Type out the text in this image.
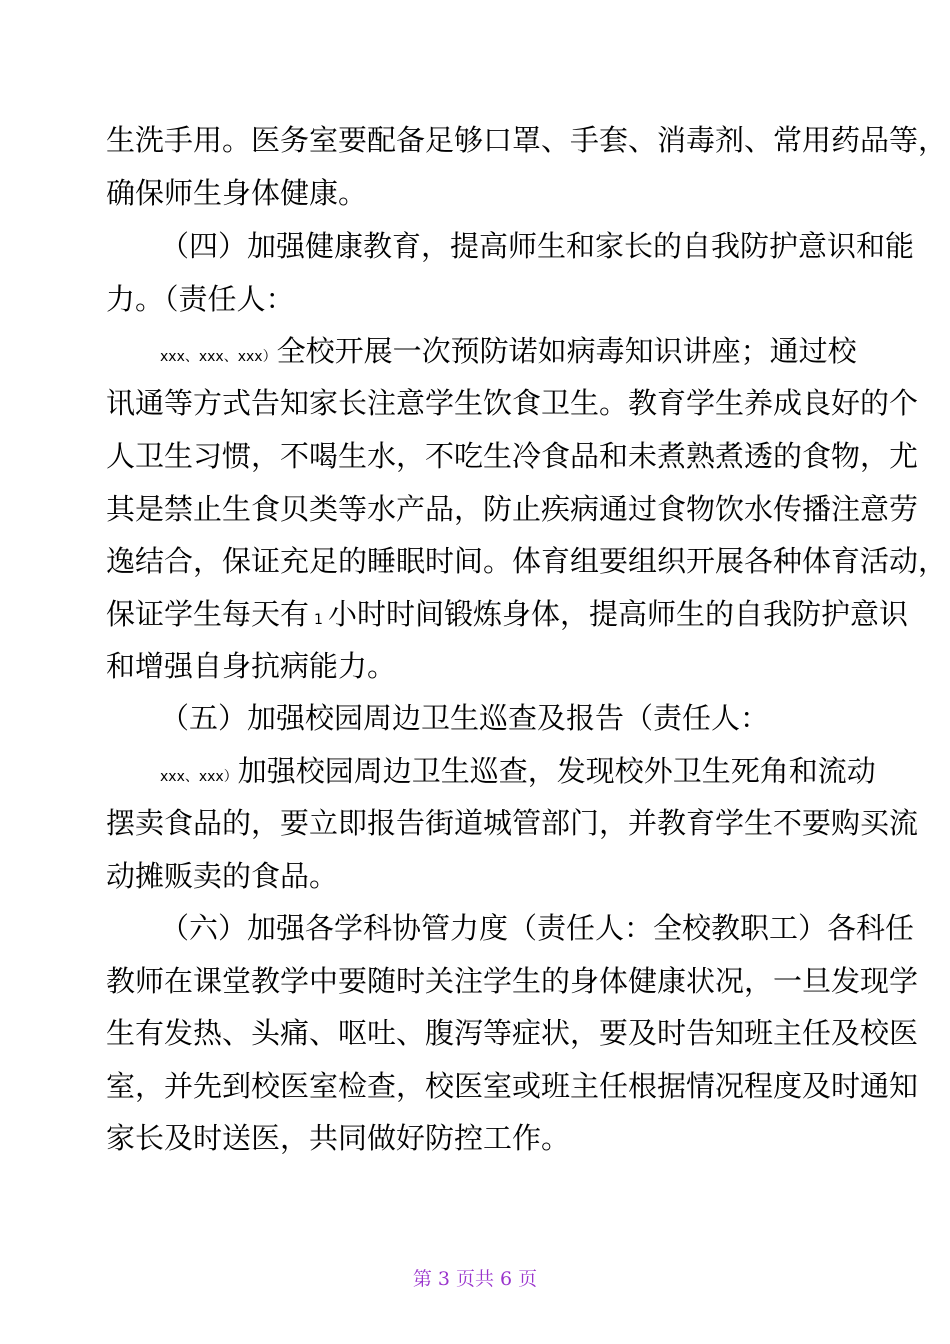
生洗手用。医务室要配备足够口罩、手套、消毒剂、常用药品等，
确保师生身体健康。
（四）加强健康教育，提高师生和家长的自我防护意识和能
力。（责任人：
xxx、xxx、xxx）全校开展一次预防诺如病毒知识讲座；通过校
讯通等方式告知家长注意学生饮食卫生。教育学生养成良好的个
人卫生习惯，不喝生水，不吃生冷食品和未煮熟煮透的食物，尤
其是禁止生食贝类等水产品，防止疾病通过食物饮水传播注意劳
逸结合，保证充足的睡眠时间。体育组要组织开展各种体育活动，
保证学生每天有 1 小时时间锻炼身体，提高师生的自我防护意识
和增强自身抗病能力。
（五）加强校园周边卫生巡查及报告（责任人：
xxx、xxx）加强校园周边卫生巡查，发现校外卫生死角和流动
摆卖食品的，要立即报告街道城管部门，并教育学生不要购买流
动摊贩卖的食品。
（六）加强各学科协管力度（责任人：全校教职工）各科任
教师在课堂教学中要随时关注学生的身体健康状况，一旦发现学
生有发热、头痛、呕吐、腹泻等症状，要及时告知班主任及校医
室，并先到校医室检查，校医室或班主任根据情况程度及时通知
家长及时送医，共同做好防控工作。
第 3 页共 6 页
